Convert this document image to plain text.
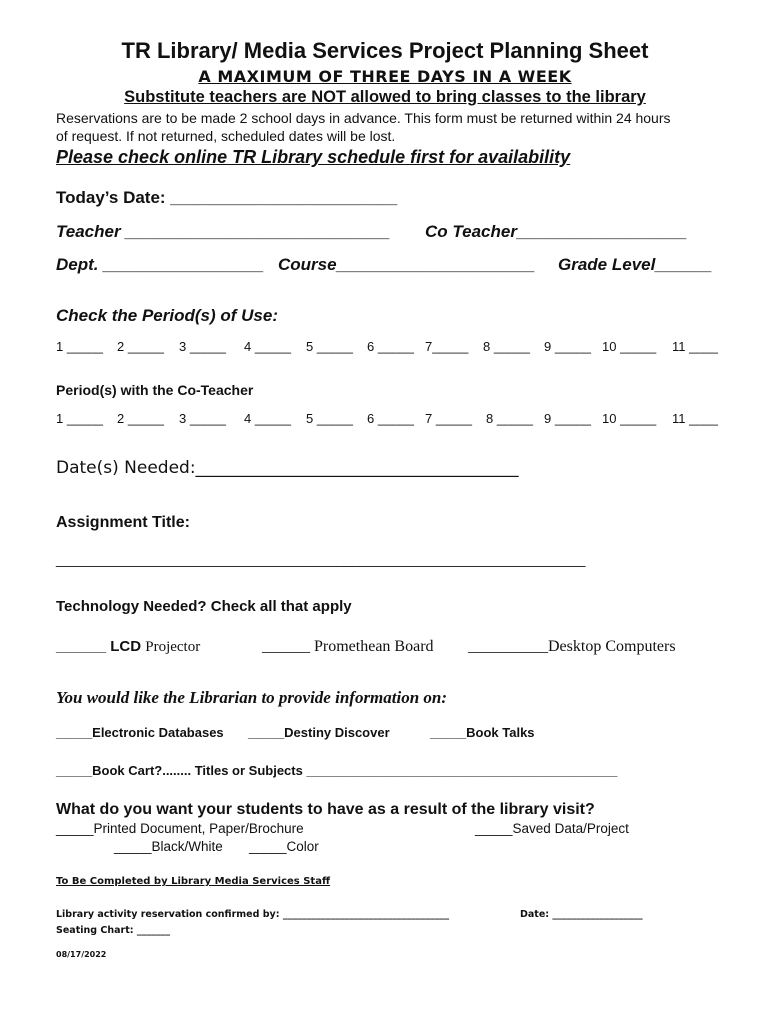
TR Library/ Media Services Project Planning Sheet
A MAXIMUM OF THREE DAYS IN A WEEK
Substitute teachers are NOT allowed to bring classes to the library
Reservations are to be made 2 school days in advance. This form must be returned within 24 hours
of request. If not returned, scheduled dates will be lost.
Please check online TR Library schedule first for availability
Today’s Date: ________________________
Teacher ____________________________ Co Teacher__________________
Dept. _________________ Course_____________________ Grade Level______
Check the Period(s) of Use:
1 _____ 2 _____ 3 _____ 4 _____ 5 _____ 6 _____ 7_____ 8 _____ 9 _____ 10 _____ 11 ____
Period(s) with the Co-Teacher
1 _____ 2 _____ 3 _____ 4 _____ 5 _____ 6 _____ 7 _____ 8 _____ 9 _____ 10 _____ 11 ____
Date(s) Needed:______________________________________
Assignment Title:
____________________________________________________________________
Technology Needed? Check all that apply
______ LCD Projector	______ Promethean Board __________Desktop Computers
You would like the Librarian to provide information on:
_____Electronic Databases _____Destiny Discover	_____Book Talks
_____Book Cart?........ Titles or Subjects ___________________________________________
What do you want your students to have as a result of the library visit?
_____Printed Document, Paper/Brochure	_____Saved Data/Project
_____Black/White _____Color
To Be Completed by Library Media Services Staff
Library activity reservation confirmed by: ___________________________________	Date: ___________________
Seating Chart: _______
08/17/2022
